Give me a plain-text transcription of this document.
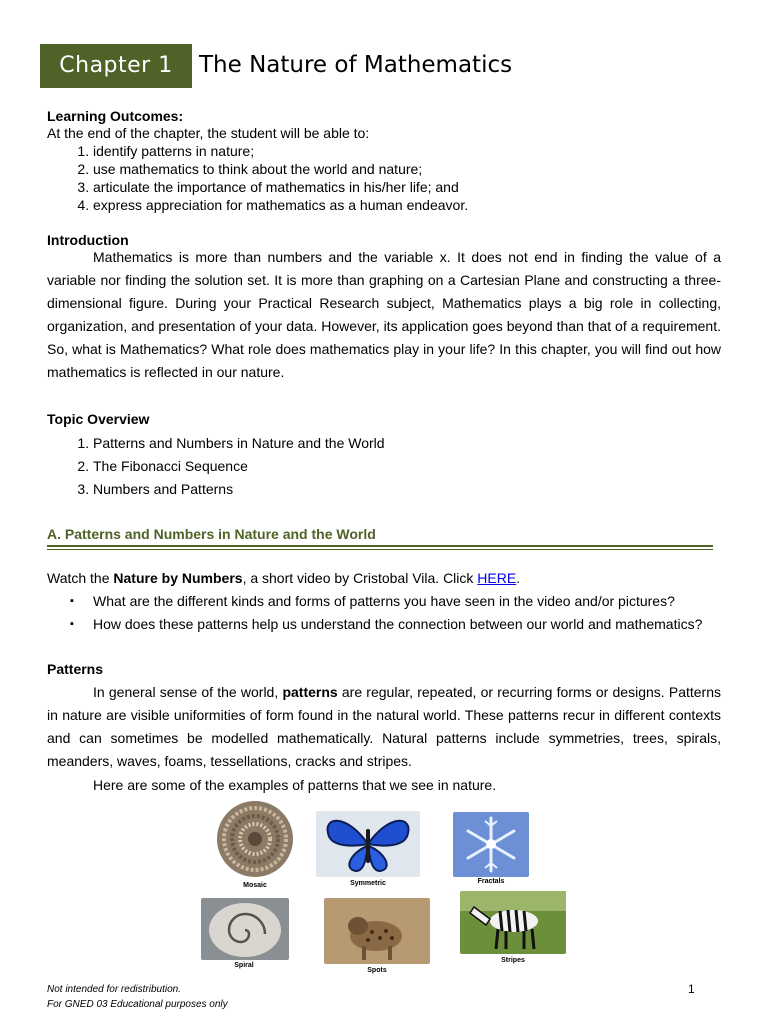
Chapter 1	The Nature of Mathematics
Learning Outcomes:
At the end of the chapter, the student will be able to:
1. identify patterns in nature;
2. use mathematics to think about the world and nature;
3. articulate the importance of mathematics in his/her life; and
4. express appreciation for mathematics as a human endeavor.
Introduction
Mathematics is more than numbers and the variable x. It does not end in finding the value of a variable nor finding the solution set. It is more than graphing on a Cartesian Plane and constructing a three-dimensional figure. During your Practical Research subject, Mathematics plays a big role in collecting, organization, and presentation of your data. However, its application goes beyond than that of a requirement. So, what is Mathematics? What role does mathematics play in your life? In this chapter, you will find out how mathematics is reflected in our nature.
Topic Overview
1. Patterns and Numbers in Nature and the World
2. The Fibonacci Sequence
3. Numbers and Patterns
A. Patterns and Numbers in Nature and the World
Watch the Nature by Numbers, a short video by Cristobal Vila. Click HERE.
▪ What are the different kinds and forms of patterns you have seen in the video and/or pictures?
▪ How does these patterns help us understand the connection between our world and mathematics?
Patterns
In general sense of the world, patterns are regular, repeated, or recurring forms or designs. Patterns in nature are visible uniformities of form found in the natural world. These patterns recur in different contexts and can sometimes be modelled mathematically. Natural patterns include symmetries, trees, spirals, meanders, waves, foams, tessellations, cracks and stripes.
Here are some of the examples of patterns that we see in nature.
Mosaic	Symmetric	Fractals
Spiral
Spots
Stripes
Not intended for redistribution.
For GNED 03 Educational purposes only
1
